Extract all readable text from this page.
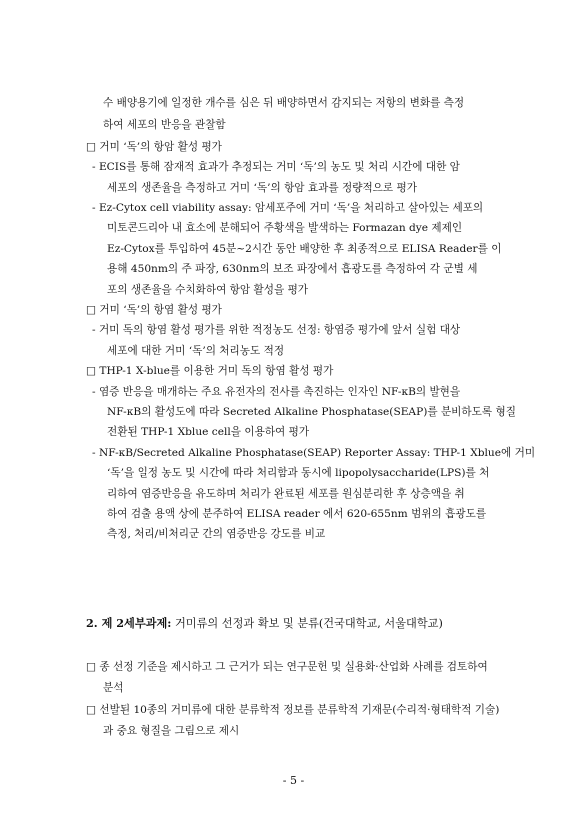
수 배양용기에 일정한 개수를 심은 뒤 배양하면서 감지되는 저항의 변화를 측정
하여 세포의 반응을 관찰함
□ 거미 ‘독’의 항암 활성 평가
- ECIS를 통해 잠재적 효과가 추정되는 거미 ‘독’의 농도 및 처리 시간에 대한 암
세포의 생존율을 측정하고 거미 ‘독’의 항암 효과를 정량적으로 평가
- Ez-Cytox cell viability assay: 암세포주에 거미 ‘독’을 처리하고 살아있는 세포의
미토콘드리아 내 효소에 분해되어 주황색을 발색하는 Formazan dye 제제인
Ez-Cytox를 투입하여 45분~2시간 동안 배양한 후 최종적으로 ELISA Reader를 이
용해 450nm의 주 파장, 630nm의 보조 파장에서 흡광도를 측정하여 각 군별 세
포의 생존율을 수치화하여 항암 활성을 평가
□ 거미 ‘독’의 항염 활성 평가
- 거미 독의 항염 활성 평가를 위한 적정농도 선정: 항염증 평가에 앞서 실험 대상
세포에 대한 거미 ‘독’의 처리농도 적정
□ THP-1 X-blue를 이용한 거미 독의 항염 활성 평가
- 염증 반응을 매개하는 주요 유전자의 전사를 촉진하는 인자인 NF-κB의 발현을
NF-κB의 활성도에 따라 Secreted Alkaline Phosphatase(SEAP)를 분비하도록 형질
전환된 THP-1 Xblue cell을 이용하여 평가
- NF-κB/Secreted Alkaline Phosphatase(SEAP) Reporter Assay: THP-1 Xblue에 거미
‘독’을 일정 농도 및 시간에 따라 처리함과 동시에 lipopolysaccharide(LPS)를 처
리하여 염증반응을 유도하며 처리가 완료된 세포를 원심분리한 후 상층액을 취
하여 검출 용액 상에 분주하여 ELISA reader 에서 620-655nm 범위의 흡광도를
측정, 처리/비처리군 간의 염증반응 강도를 비교
2. 제 2세부과제: 거미류의 선정과 확보 및 분류(건국대학교, 서울대학교)
□ 종 선정 기준을 제시하고 그 근거가 되는 연구문헌 및 실용화·산업화 사례를 검토하여
분석
□ 선발된 10종의 거미류에 대한 분류학적 정보를 분류학적 기재문(수리적·형태학적 기술)
과 중요 형질을 그림으로 제시
- 5 -
